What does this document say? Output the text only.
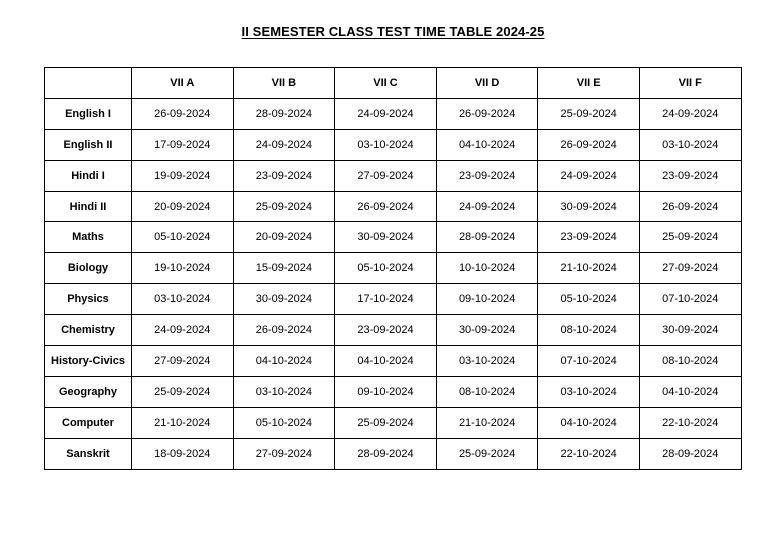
II SEMESTER CLASS TEST TIME TABLE 2024-25
	VII A	VII B	VII C	VII D	VII E	VII F
English I	26-09-2024	28-09-2024	24-09-2024	26-09-2024	25-09-2024	24-09-2024
English II	17-09-2024	24-09-2024	03-10-2024	04-10-2024	26-09-2024	03-10-2024
Hindi I	19-09-2024	23-09-2024	27-09-2024	23-09-2024	24-09-2024	23-09-2024
Hindi II	20-09-2024	25-09-2024	26-09-2024	24-09-2024	30-09-2024	26-09-2024
Maths	05-10-2024	20-09-2024	30-09-2024	28-09-2024	23-09-2024	25-09-2024
Biology	19-10-2024	15-09-2024	05-10-2024	10-10-2024	21-10-2024	27-09-2024
Physics	03-10-2024	30-09-2024	17-10-2024	09-10-2024	05-10-2024	07-10-2024
Chemistry	24-09-2024	26-09-2024	23-09-2024	30-09-2024	08-10-2024	30-09-2024
History-Civics	27-09-2024	04-10-2024	04-10-2024	03-10-2024	07-10-2024	08-10-2024
Geography	25-09-2024	03-10-2024	09-10-2024	08-10-2024	03-10-2024	04-10-2024
Computer	21-10-2024	05-10-2024	25-09-2024	21-10-2024	04-10-2024	22-10-2024
Sanskrit	18-09-2024	27-09-2024	28-09-2024	25-09-2024	22-10-2024	28-09-2024
